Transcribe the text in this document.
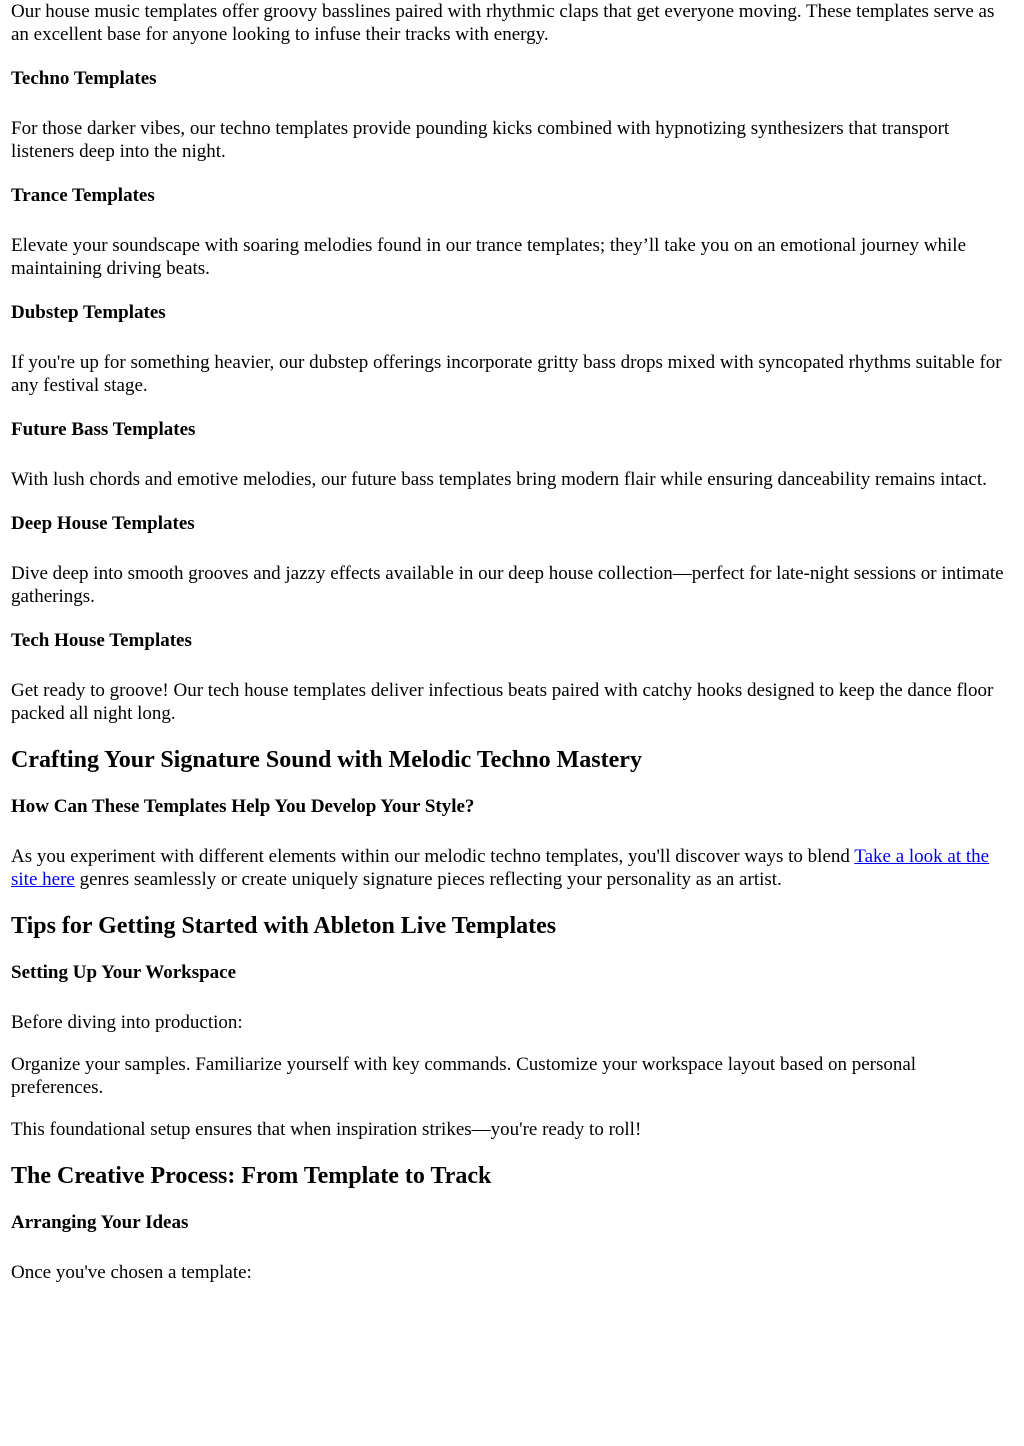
Our house music templates offer groovy basslines paired with rhythmic claps that get everyone moving. These templates serve as an excellent base for anyone looking to infuse their tracks with energy.

Techno Templates

For those darker vibes, our techno templates provide pounding kicks combined with hypnotizing synthesizers that transport listeners deep into the night.

Trance Templates

Elevate your soundscape with soaring melodies found in our trance templates; they’ll take you on an emotional journey while maintaining driving beats.

Dubstep Templates

If you're up for something heavier, our dubstep offerings incorporate gritty bass drops mixed with syncopated rhythms suitable for any festival stage.

Future Bass Templates

With lush chords and emotive melodies, our future bass templates bring modern flair while ensuring danceability remains intact.

Deep House Templates

Dive deep into smooth grooves and jazzy effects available in our deep house collection—perfect for late-night sessions or intimate gatherings.

Tech House Templates

Get ready to groove! Our tech house templates deliver infectious beats paired with catchy hooks designed to keep the dance floor packed all night long.

Crafting Your Signature Sound with Melodic Techno Mastery
How Can These Templates Help You Develop Your Style?

As you experiment with different elements within our melodic techno templates, you'll discover ways to blend Take a look at the site here genres seamlessly or create uniquely signature pieces reflecting your personality as an artist.

Tips for Getting Started with Ableton Live Templates
Setting Up Your Workspace

Before diving into production:

Organize your samples. Familiarize yourself with key commands. Customize your workspace layout based on personal preferences.

This foundational setup ensures that when inspiration strikes—you're ready to roll!

The Creative Process: From Template to Track
Arranging Your Ideas

Once you've chosen a template:
